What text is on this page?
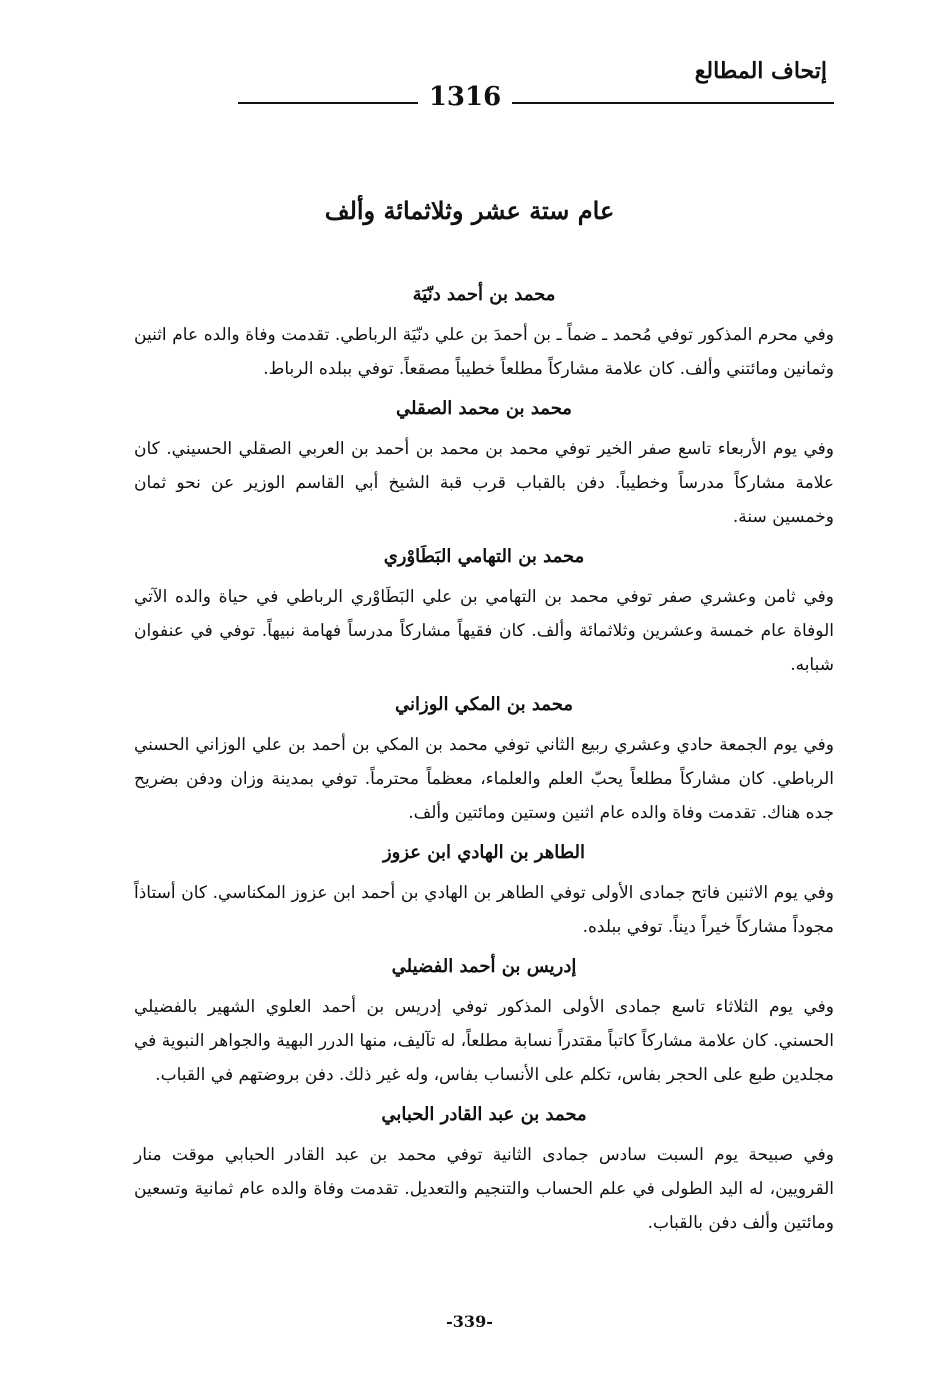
إتحاف المطالع
1316
عام ستة عشر وثلاثمائة وألف
محمد بن أحمد دنّيَة
وفي محرم المذكور توفي مُحمد ـ ضماً ـ بن أحمدَ بن علي دنّيَة الرباطي. تقدمت وفاة والده عام اثنين وثمانين ومائتني وألف. كان علامة مشاركاً مطلعاً خطيباً مصقعاً. توفي ببلده الرباط.
محمد بن محمد الصقلي
وفي يوم الأربعاء تاسع صفر الخير توفي محمد بن محمد بن أحمد بن العربي الصقلي الحسيني. كان علامة مشاركاً مدرساً وخطيباً. دفن بالقباب قرب قبة الشيخ أبي القاسم الوزير عن نحو ثمان وخمسين سنة.
محمد بن التهامي البَطَاوْري
وفي ثامن وعشري صفر توفي محمد بن التهامي بن علي البَطَاوْري الرباطي في حياة والده الآتي الوفاة عام خمسة وعشرين وثلاثمائة وألف. كان فقيهاً مشاركاً مدرساً فهامة نبيهاً. توفي في عنفوان شبابه.
محمد بن المكي الوزاني
وفي يوم الجمعة حادي وعشري ربيع الثاني توفي محمد بن المكي بن أحمد بن علي الوزاني الحسني الرباطي. كان مشاركاً مطلعاً يحبّ العلم والعلماء، معظماً محترماً. توفي بمدينة وزان ودفن بضريح جده هناك. تقدمت وفاة والده عام اثنين وستين ومائتين وألف.
الطاهر بن الهادي ابن عزوز
وفي يوم الاثنين فاتح جمادى الأولى توفي الطاهر بن الهادي بن أحمد ابن عزوز المكناسي. كان أستاذاً مجوداً مشاركاً خيراً ديناً. توفي ببلده.
إدريس بن أحمد الفضيلي
وفي يوم الثلاثاء تاسع جمادى الأولى المذكور توفي إدريس بن أحمد العلوي الشهير بالفضيلي الحسني. كان علامة مشاركاً كاتباً مقتدراً نسابة مطلعاً، له تآليف، منها الدرر البهية والجواهر النبوية في مجلدين طبع على الحجر بفاس، تكلم على الأنساب بفاس، وله غير ذلك. دفن بروضتهم في القباب.
محمد بن عبد القادر الحبابي
وفي صبيحة يوم السبت سادس جمادى الثانية توفي محمد بن عبد القادر الحبابي موقت منار القرويين، له اليد الطولى في علم الحساب والتنجيم والتعديل. تقدمت وفاة والده عام ثمانية وتسعين ومائتين وألف دفن بالقباب.
-339-
